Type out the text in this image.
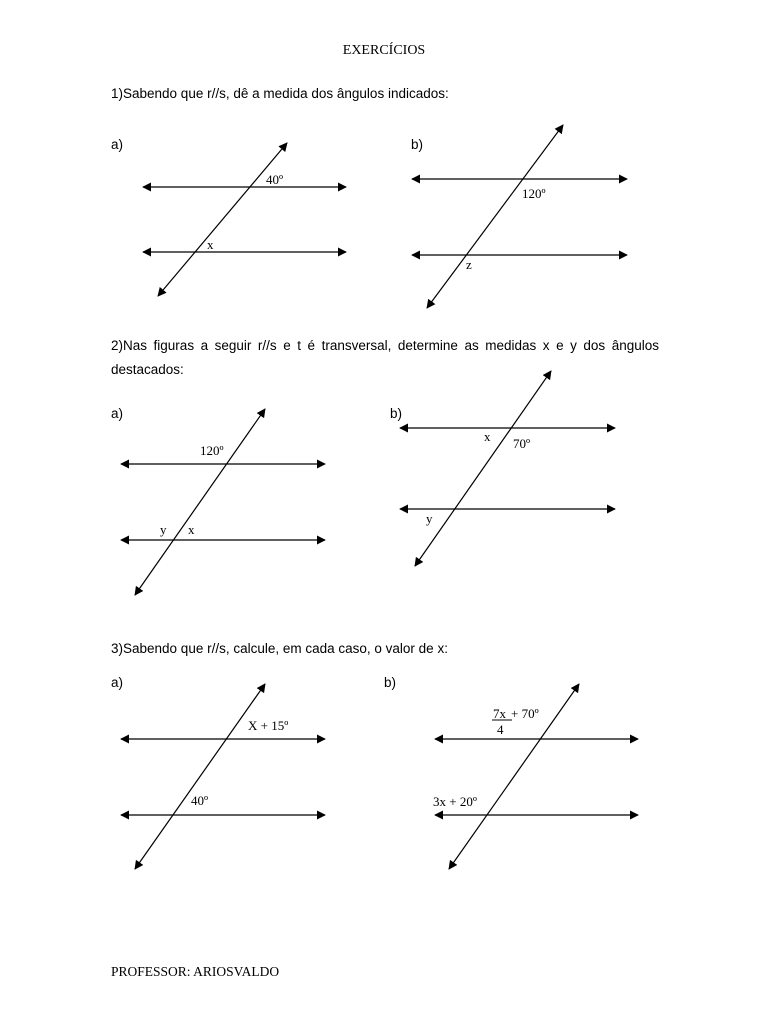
EXERCÍCIOS
1)Sabendo que r//s, dê a medida dos ângulos indicados:
a)	b)
2)Nas figuras a seguir r//s e t é transversal, determine as medidas x e y dos ângulos destacados:
a)	b)
3)Sabendo que r//s, calcule, em cada caso, o valor de x:
a)	b)
PROFESSOR: ARIOSVALDO
40º
x
120º
z
120º
y x
x 70º
y
X + 15º
40º
7x + 70º
4
3x + 20º
